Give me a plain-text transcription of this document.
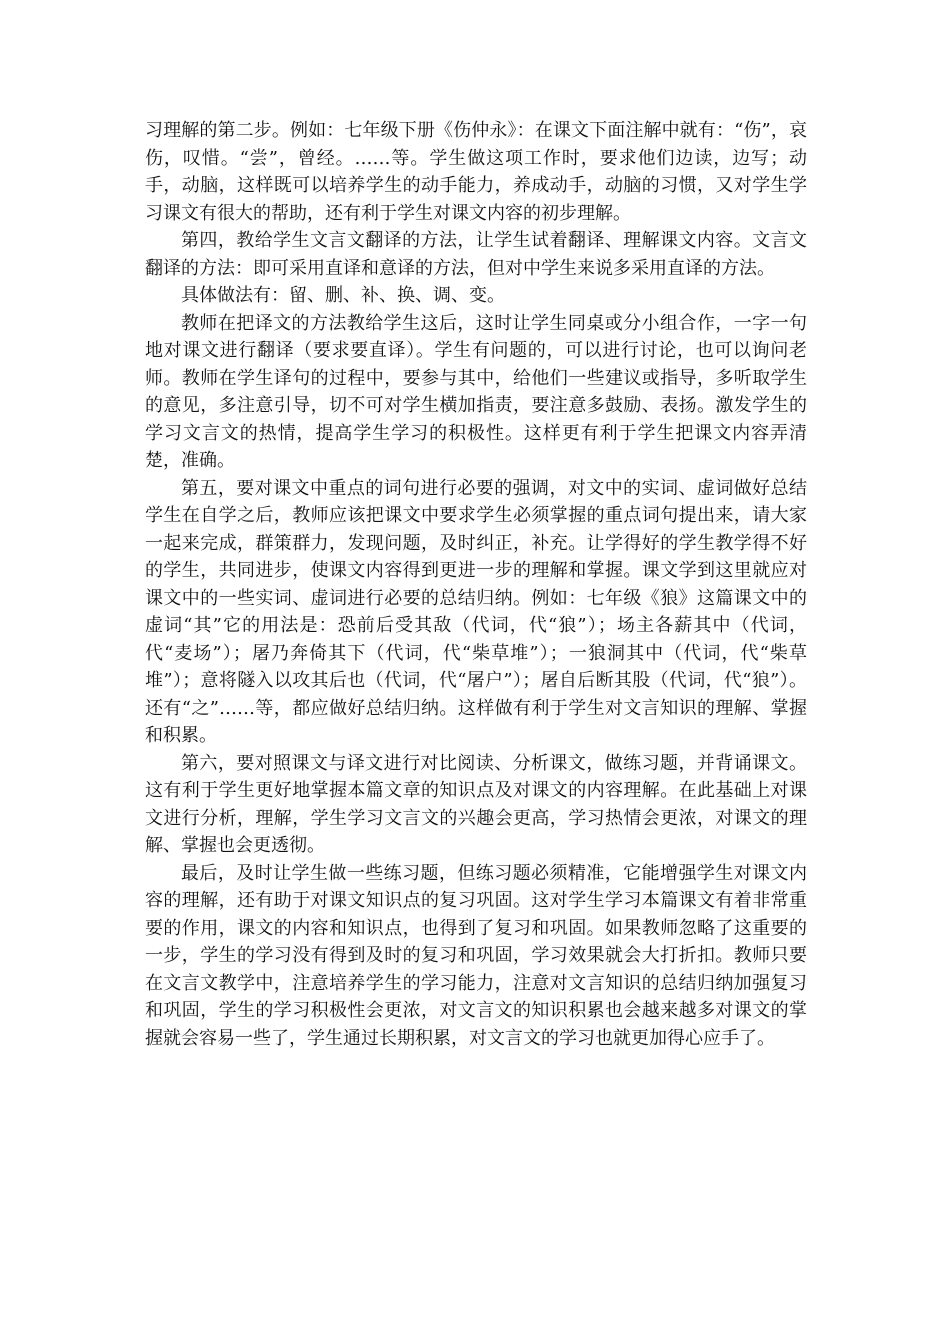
习理解的第二步。例如：七年级下册《伤仲永》：在课文下面注解中就有：“伤”，哀伤，叹惜。“尝”，曾经。……等。学生做这项工作时，要求他们边读，边写；动手，动脑，这样既可以培养学生的动手能力，养成动手，动脑的习惯，又对学生学习课文有很大的帮助，还有利于学生对课文内容的初步理解。

第四，教给学生文言文翻译的方法，让学生试着翻译、理解课文内容。文言文翻译的方法：即可采用直译和意译的方法，但对中学生来说多采用直译的方法。

具体做法有：留、删、补、换、调、变。

教师在把译文的方法教给学生这后，这时让学生同桌或分小组合作，一字一句地对课文进行翻译（要求要直译）。学生有问题的，可以进行讨论，也可以询问老师。教师在学生译句的过程中，要参与其中，给他们一些建议或指导，多听取学生的意见，多注意引导，切不可对学生横加指责，要注意多鼓励、表扬。激发学生的学习文言文的热情，提高学生学习的积极性。这样更有利于学生把课文内容弄清楚，准确。

第五，要对课文中重点的词句进行必要的强调，对文中的实词、虚词做好总结学生在自学之后，教师应该把课文中要求学生必须掌握的重点词句提出来，请大家一起来完成，群策群力，发现问题，及时纠正，补充。让学得好的学生教学得不好的学生，共同进步，使课文内容得到更进一步的理解和掌握。课文学到这里就应对课文中的一些实词、虚词进行必要的总结归纳。例如：七年级《狼》这篇课文中的虚词“其”它的用法是：恐前后受其敌（代词，代“狼”）；场主各薪其中（代词，代“麦场”）；屠乃奔倚其下（代词，代“柴草堆”）；一狼洞其中（代词，代“柴草堆”）；意将隧入以攻其后也（代词，代“屠户”）；屠自后断其股（代词，代“狼”）。还有“之”……等，都应做好总结归纳。这样做有利于学生对文言知识的理解、掌握和积累。

第六，要对照课文与译文进行对比阅读、分析课文，做练习题，并背诵课文。这有利于学生更好地掌握本篇文章的知识点及对课文的内容理解。在此基础上对课文进行分析，理解，学生学习文言文的兴趣会更高，学习热情会更浓，对课文的理解、掌握也会更透彻。

最后，及时让学生做一些练习题，但练习题必须精准，它能增强学生对课文内容的理解，还有助于对课文知识点的复习巩固。这对学生学习本篇课文有着非常重要的作用，课文的内容和知识点，也得到了复习和巩固。如果教师忽略了这重要的一步，学生的学习没有得到及时的复习和巩固，学习效果就会大打折扣。教师只要在文言文教学中，注意培养学生的学习能力，注意对文言知识的总结归纳加强复习和巩固，学生的学习积极性会更浓，对文言文的知识积累也会越来越多对课文的掌握就会容易一些了，学生通过长期积累，对文言文的学习也就更加得心应手了。
